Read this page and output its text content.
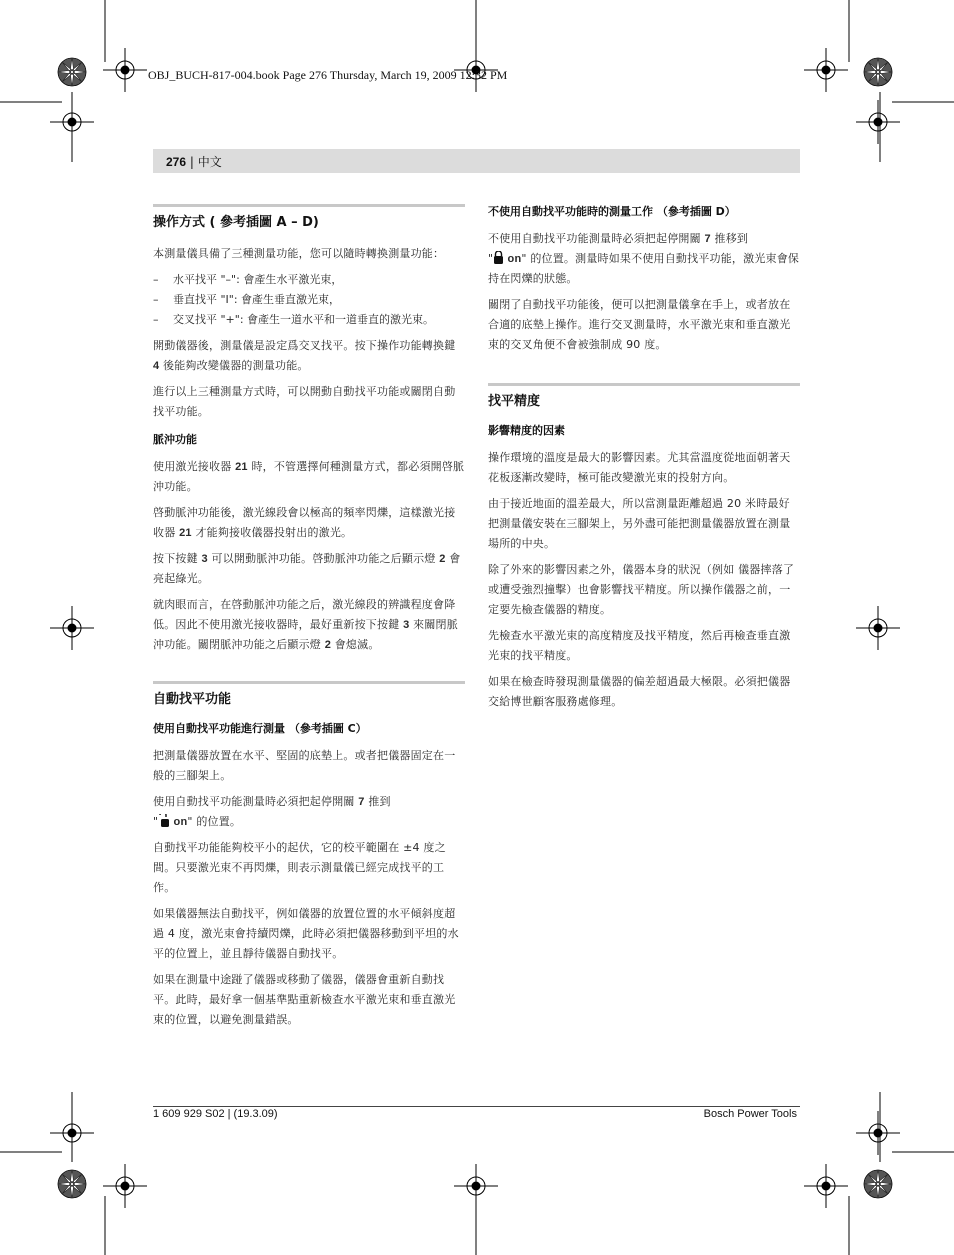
OBJ_BUCH-817-004.book Page 276 Thursday, March 19, 2009 12:32 PM
276 | 中文
操作方式 ( 參考插圖 A – D)

本測量儀具備了三種測量功能，您可以隨時轉換測量功能：

– 水平找平 "–": 會產生水平激光束，
– 垂直找平 "I": 會產生垂直激光束，
– 交叉找平 "+": 會產生一道水平和一道垂直的激光束。

開動儀器後，測量儀是設定爲交叉找平。按下操作功能轉換鍵 4 後能夠改變儀器的測量功能。

進行以上三種測量方式時，可以開動自動找平功能或關閉自動找平功能。

脈沖功能

使用激光接收器 21 時，不管選擇何種測量方式，都必須開啓脈沖功能。

啓動脈沖功能後，激光線段會以極高的頻率閃爍，這樣激光接收器 21 才能夠接收儀器投射出的激光。

按下按鍵 3 可以開動脈沖功能。啓動脈沖功能之后顯示燈 2 會亮起綠光。

就肉眼而言，在啓動脈沖功能之后，激光線段的辨識程度會降低。因此不使用激光接收器時，最好重新按下按鍵 3 來關閉脈沖功能。關閉脈沖功能之后顯示燈 2 會熄滅。

自動找平功能
使用自動找平功能進行測量 （參考插圖 C）

把測量儀器放置在水平、堅固的底墊上。或者把儀器固定在一般的三腳架上。

使用自動找平功能測量時必須把起停開關 7 推到
" on" 的位置。

自動找平功能能夠校平小的起伏，它的校平範圍在 ±4 度之間。只要激光束不再閃爍，則表示測量儀已經完成找平的工作。

如果儀器無法自動找平，例如儀器的放置位置的水平傾斜度超過 4 度，激光束會持續閃爍，此時必須把儀器移動到平坦的水平的位置上，並且靜待儀器自動找平。

如果在測量中途踫了儀器或移動了儀器，儀器會重新自動找平。此時，最好拿一個基準點重新檢查水平激光束和垂直激光束的位置，以避免測量錯誤。

不使用自動找平功能時的測量工作 （參考插圖 D）

不使用自動找平功能測量時必須把起停開關 7 推移到
" on" 的位置。測量時如果不使用自動找平功能，激光束會保持在閃爍的狀態。

關閉了自動找平功能後，便可以把測量儀拿在手上，或者放在合適的底墊上操作。進行交叉測量時，水平激光束和垂直激光束的交叉角便不會被強制成 90 度。

找平精度
影響精度的因素

操作環境的溫度是最大的影響因素。尤其當溫度從地面朝著天花板逐漸改變時，極可能改變激光束的投射方向。

由于接近地面的溫差最大，所以當測量距離超過 20 米時最好把測量儀安裝在三腳架上，另外盡可能把測量儀器放置在測量場所的中央。

除了外來的影響因素之外，儀器本身的狀況（例如 儀器摔落了或遭受強烈撞擊）也會影響找平精度。所以操作儀器之前，一定要先檢查儀器的精度。

先檢查水平激光束的高度精度及找平精度，然后再檢查垂直激光束的找平精度。

如果在檢查時發現測量儀器的偏差超過最大極限。必須把儀器交給博世顧客服務處修理。

1 609 929 S02 | (19.3.09)	Bosch Power Tools
